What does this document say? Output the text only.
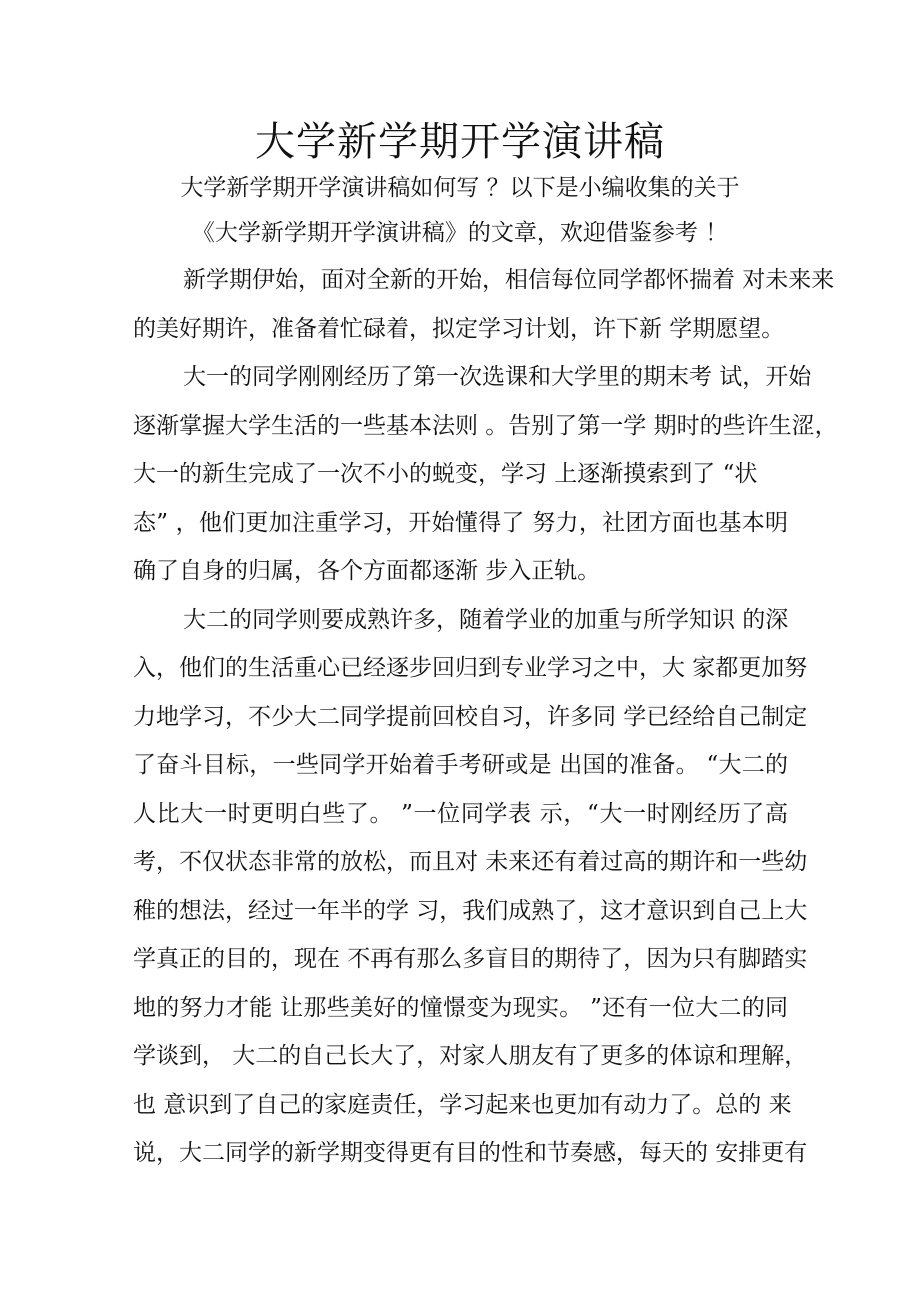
大学新学期开学演讲稿
大学新学期开学演讲稿如何写 ？以下是小编收集的关于
《大学新学期开学演讲稿》的文章，欢迎借鉴参考 ！
新学期伊始，面对全新的开始，相信每位同学都怀揣着 对未来来
的美好期许，准备着忙碌着，拟定学习计划，许下新 学期愿望。
大一的同学刚刚经历了第一次选课和大学里的期末考 试，开始
逐渐掌握大学生活的一些基本法则 。告别了第一学 期时的些许生涩，
大一的新生完成了一次不小的蜕变，学习 上逐渐摸索到了 “状
态” ，他们更加注重学习，开始懂得了 努力，社团方面也基本明
确了自身的归属，各个方面都逐渐 步入正轨。
大二的同学则要成熟许多，随着学业的加重与所学知识 的深
入，他们的生活重心已经逐步回归到专业学习之中，大 家都更加努
力地学习，不少大二同学提前回校自习，许多同 学已经给自己制定
了奋斗目标，一些同学开始着手考研或是 出国的准备。 “大二的
人比大一时更明白些了。 ”一位同学表 示，“大一时刚经历了高
考，不仅状态非常的放松，而且对 未来还有着过高的期许和一些幼
稚的想法，经过一年半的学 习，我们成熟了，这才意识到自己上大
学真正的目的，现在 不再有那么多盲目的期待了，因为只有脚踏实
地的努力才能 让那些美好的憧憬变为现实。 ”还有一位大二的同
学谈到， 大二的自己长大了，对家人朋友有了更多的体谅和理解，
也 意识到了自己的家庭责任，学习起来也更加有动力了。总的 来
说，大二同学的新学期变得更有目的性和节奏感，每天的 安排更有
